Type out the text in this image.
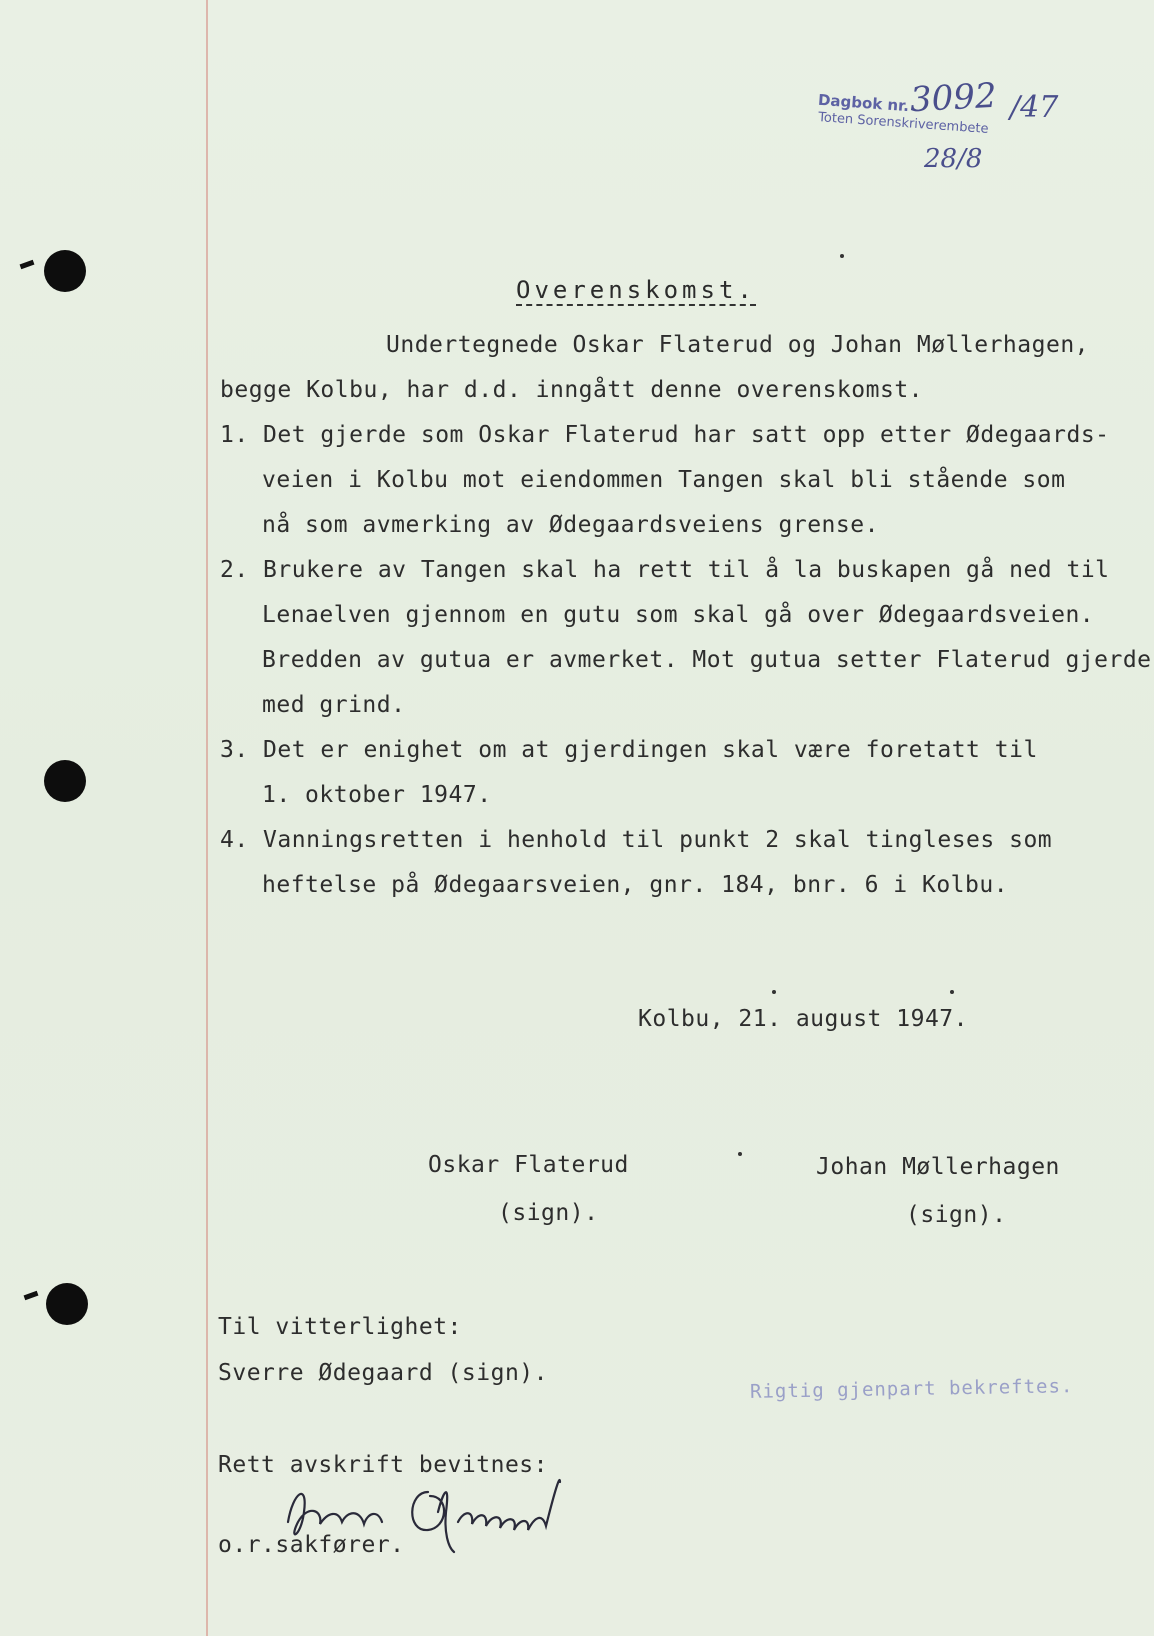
Dagbok nr.
Toten Sorenskriverembete
3092 /47
28/8
Overenskomst.
Undertegnede Oskar Flaterud og Johan Møllerhagen,
begge Kolbu, har d.d. inngått denne overenskomst.
1. Det gjerde som Oskar Flaterud har satt opp etter Ødegaards-
veien i Kolbu mot eiendommen Tangen skal bli stående som
nå som avmerking av Ødegaardsveiens grense.
2. Brukere av Tangen skal ha rett til å la buskapen gå ned til
Lenaelven gjennom en gutu som skal gå over Ødegaardsveien.
Bredden av gutua er avmerket. Mot gutua setter Flaterud gjerde
med grind.
3. Det er enighet om at gjerdingen skal være foretatt til
1. oktober 1947.
4. Vanningsretten i henhold til punkt 2 skal tingleses som
heftelse på Ødegaarsveien, gnr. 184, bnr. 6 i Kolbu.
Kolbu, 21. august 1947.
Oskar Flaterud
(sign).
Johan Møllerhagen
(sign).
Til vitterlighet:
Sverre Ødegaard (sign).
Rigtig gjenpart bekreftes.
Rett avskrift bevitnes:
o.r.sakfører.
